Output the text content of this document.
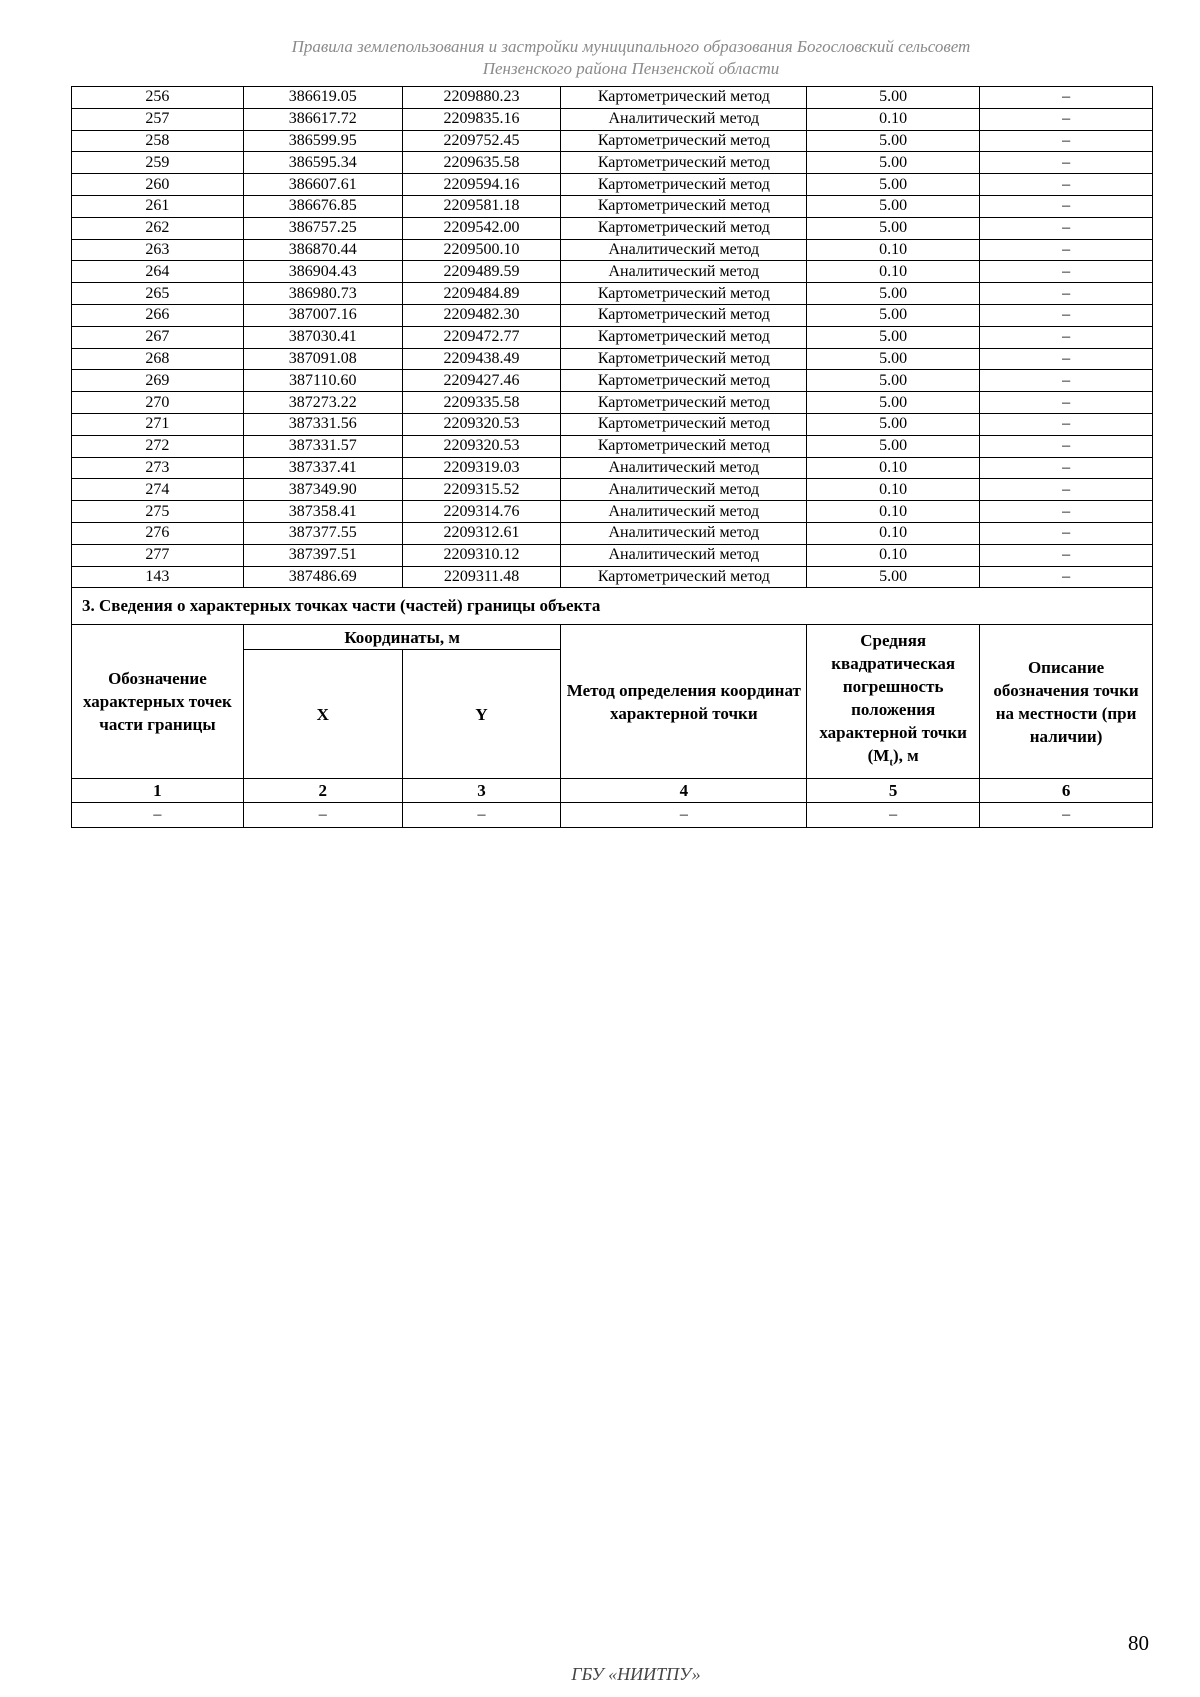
Правила землепользования и застройки муниципального образования Богословский сельсовет
Пензенского района Пензенской области
256	386619.05	2209880.23	Картометрический метод	5.00	–
257	386617.72	2209835.16	Аналитический метод	0.10	–
258	386599.95	2209752.45	Картометрический метод	5.00	–
259	386595.34	2209635.58	Картометрический метод	5.00	–
260	386607.61	2209594.16	Картометрический метод	5.00	–
261	386676.85	2209581.18	Картометрический метод	5.00	–
262	386757.25	2209542.00	Картометрический метод	5.00	–
263	386870.44	2209500.10	Аналитический метод	0.10	–
264	386904.43	2209489.59	Аналитический метод	0.10	–
265	386980.73	2209484.89	Картометрический метод	5.00	–
266	387007.16	2209482.30	Картометрический метод	5.00	–
267	387030.41	2209472.77	Картометрический метод	5.00	–
268	387091.08	2209438.49	Картометрический метод	5.00	–
269	387110.60	2209427.46	Картометрический метод	5.00	–
270	387273.22	2209335.58	Картометрический метод	5.00	–
271	387331.56	2209320.53	Картометрический метод	5.00	–
272	387331.57	2209320.53	Картометрический метод	5.00	–
273	387337.41	2209319.03	Аналитический метод	0.10	–
274	387349.90	2209315.52	Аналитический метод	0.10	–
275	387358.41	2209314.76	Аналитический метод	0.10	–
276	387377.55	2209312.61	Аналитический метод	0.10	–
277	387397.51	2209310.12	Аналитический метод	0.10	–
143	387486.69	2209311.48	Картометрический метод	5.00	–
3. Сведения о характерных точках части (частей) границы объекта					
Обозначение характерных точек части границы	Координаты, м		Метод определения координат характерной точки	Средняя квадратическая погрешность положения характерной точки $(M_t)$, м	Описание обозначения точки на местности (при наличии)
	X	Y			
1	2	3	4	5	6
–	–	–	–	–	–
80
ГБУ «НИИТПУ»
